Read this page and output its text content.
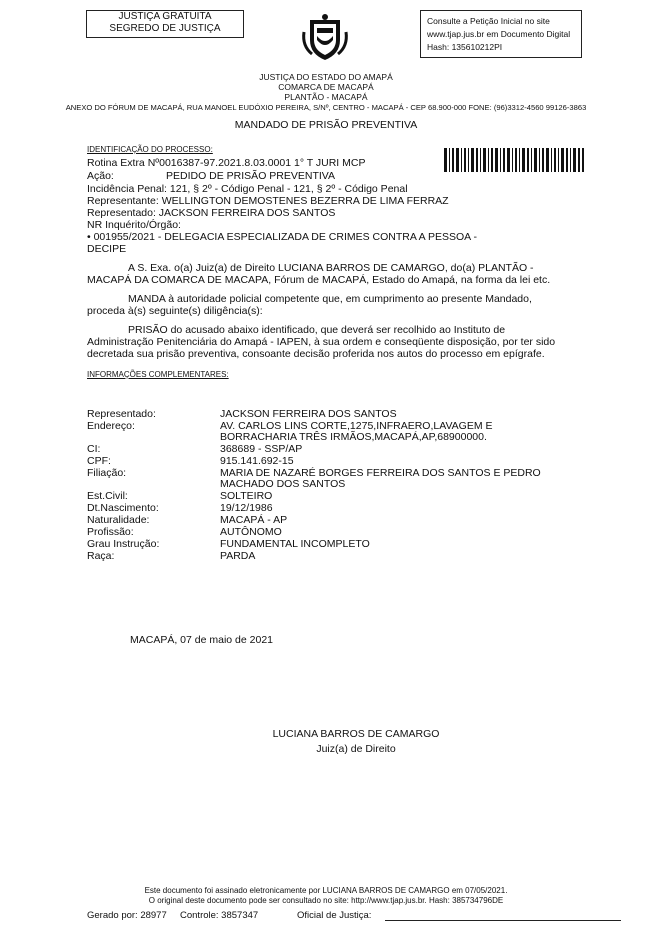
JUSTIÇA GRATUITA
SEGREDO DE JUSTIÇA
Consulte a Petição Inicial no site
www.tjap.jus.br em Documento Digital
Hash: 135610212PI
JUSTIÇA DO ESTADO DO AMAPÁ
COMARCA DE MACAPÁ
PLANTÃO - MACAPÁ
ANEXO DO FÓRUM DE MACAPÁ, RUA MANOEL EUDÓXIO PEREIRA, S/Nº, CENTRO - MACAPÁ - CEP 68.900-000 FONE: (96)3312-4560 99126-3863
MANDADO DE PRISÃO PREVENTIVA
IDENTIFICAÇÃO DO PROCESSO:
Rotina Extra Nº0016387-97.2021.8.03.0001 1° T JURI MCP
Ação:	PEDIDO DE PRISÃO PREVENTIVA
Incidência Penal: 121, § 2º - Código Penal - 121, § 2º - Código Penal
Representante: WELLINGTON DEMOSTENES BEZERRA DE LIMA FERRAZ
Representado: JACKSON FERREIRA DOS SANTOS
NR Inquérito/Órgão:
• 001955/2021 - DELEGACIA ESPECIALIZADA DE CRIMES CONTRA A PESSOA -
DECIPE
A S. Exa. o(a) Juiz(a) de Direito LUCIANA BARROS DE CAMARGO, do(a) PLANTÃO -
MACAPÁ DA COMARCA DE MACAPA, Fórum de MACAPÁ, Estado do Amapá, na forma da lei etc.
MANDA à autoridade policial competente que, em cumprimento ao presente Mandado,
proceda à(s) seguinte(s) diligência(s):
PRISÃO do acusado abaixo identificado, que deverá ser recolhido ao Instituto de
Administração Penitenciária do Amapá - IAPEN, à sua ordem e conseqüente disposição, por ter sido
decretada sua prisão preventiva, consoante decisão proferida nos autos do processo em epígrafe.
INFORMAÇÕES COMPLEMENTARES:
Representado:	JACKSON FERREIRA DOS SANTOS
Endereço:	AV. CARLOS LINS CORTE,1275,INFRAERO,LAVAGEM E
BORRACHARIA TRÊS IRMÃOS,MACAPÁ,AP,68900000.
CI:	368689 - SSP/AP
CPF:	915.141.692-15
Filiação:	MARIA DE NAZARÉ BORGES FERREIRA DOS SANTOS E PEDRO
MACHADO DOS SANTOS
Est.Civil:	SOLTEIRO
Dt.Nascimento:	19/12/1986
Naturalidade:	MACAPÁ - AP
Profissão:	AUTÔNOMO
Grau Instrução:	FUNDAMENTAL INCOMPLETO
Raça:	PARDA
MACAPÁ, 07 de maio de 2021
LUCIANA BARROS DE CAMARGO
Juiz(a) de Direito
Este documento foi assinado eletronicamente por LUCIANA BARROS DE CAMARGO em 07/05/2021.
O original deste documento pode ser consultado no site: http://www.tjap.jus.br. Hash: 385734796DE
Gerado por: 28977 Controle: 3857347	Oficial de Justiça:
